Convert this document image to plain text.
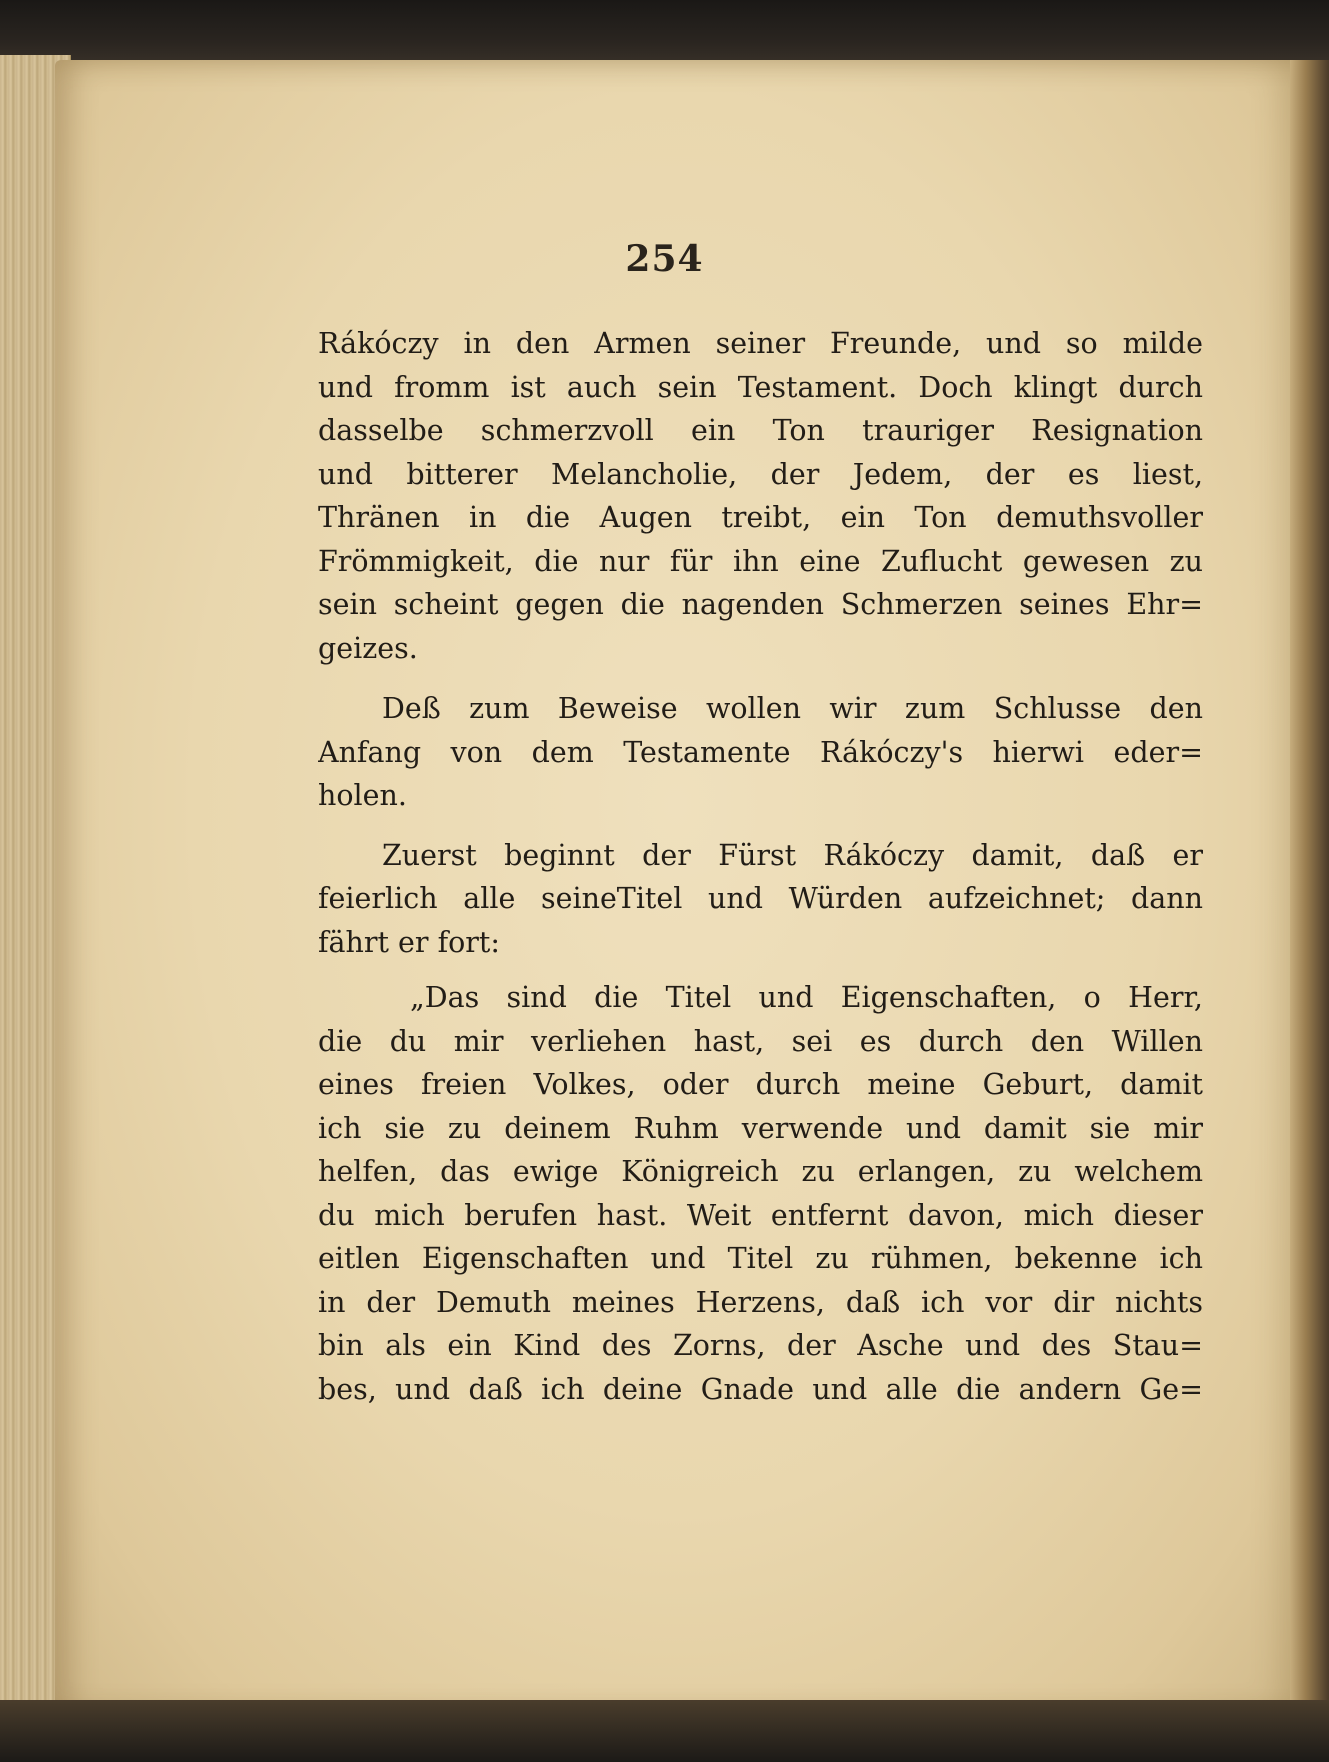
254
Rákóczy in den Armen seiner Freunde, und so milde
und fromm ist auch sein Testament. Doch klingt durch
dasselbe schmerzvoll ein Ton trauriger Resignation
und bitterer Melancholie, der Jedem, der es liest,
Thränen in die Augen treibt, ein Ton demuthsvoller
Frömmigkeit, die nur für ihn eine Zuflucht gewesen zu
sein scheint gegen die nagenden Schmerzen seines Ehr=
geizes.
Deß zum Beweise wollen wir zum Schlusse den
Anfang von dem Testamente Rákóczy's hierwi eder=
holen.
Zuerst beginnt der Fürst Rákóczy damit, daß er
feierlich alle seineTitel und Würden aufzeichnet; dann
fährt er fort:
„Das sind die Titel und Eigenschaften, o Herr,
die du mir verliehen hast, sei es durch den Willen
eines freien Volkes, oder durch meine Geburt, damit
ich sie zu deinem Ruhm verwende und damit sie mir
helfen, das ewige Königreich zu erlangen, zu welchem
du mich berufen hast. Weit entfernt davon, mich dieser
eitlen Eigenschaften und Titel zu rühmen, bekenne ich
in der Demuth meines Herzens, daß ich vor dir nichts
bin als ein Kind des Zorns, der Asche und des Stau=
bes, und daß ich deine Gnade und alle die andern Ge=
